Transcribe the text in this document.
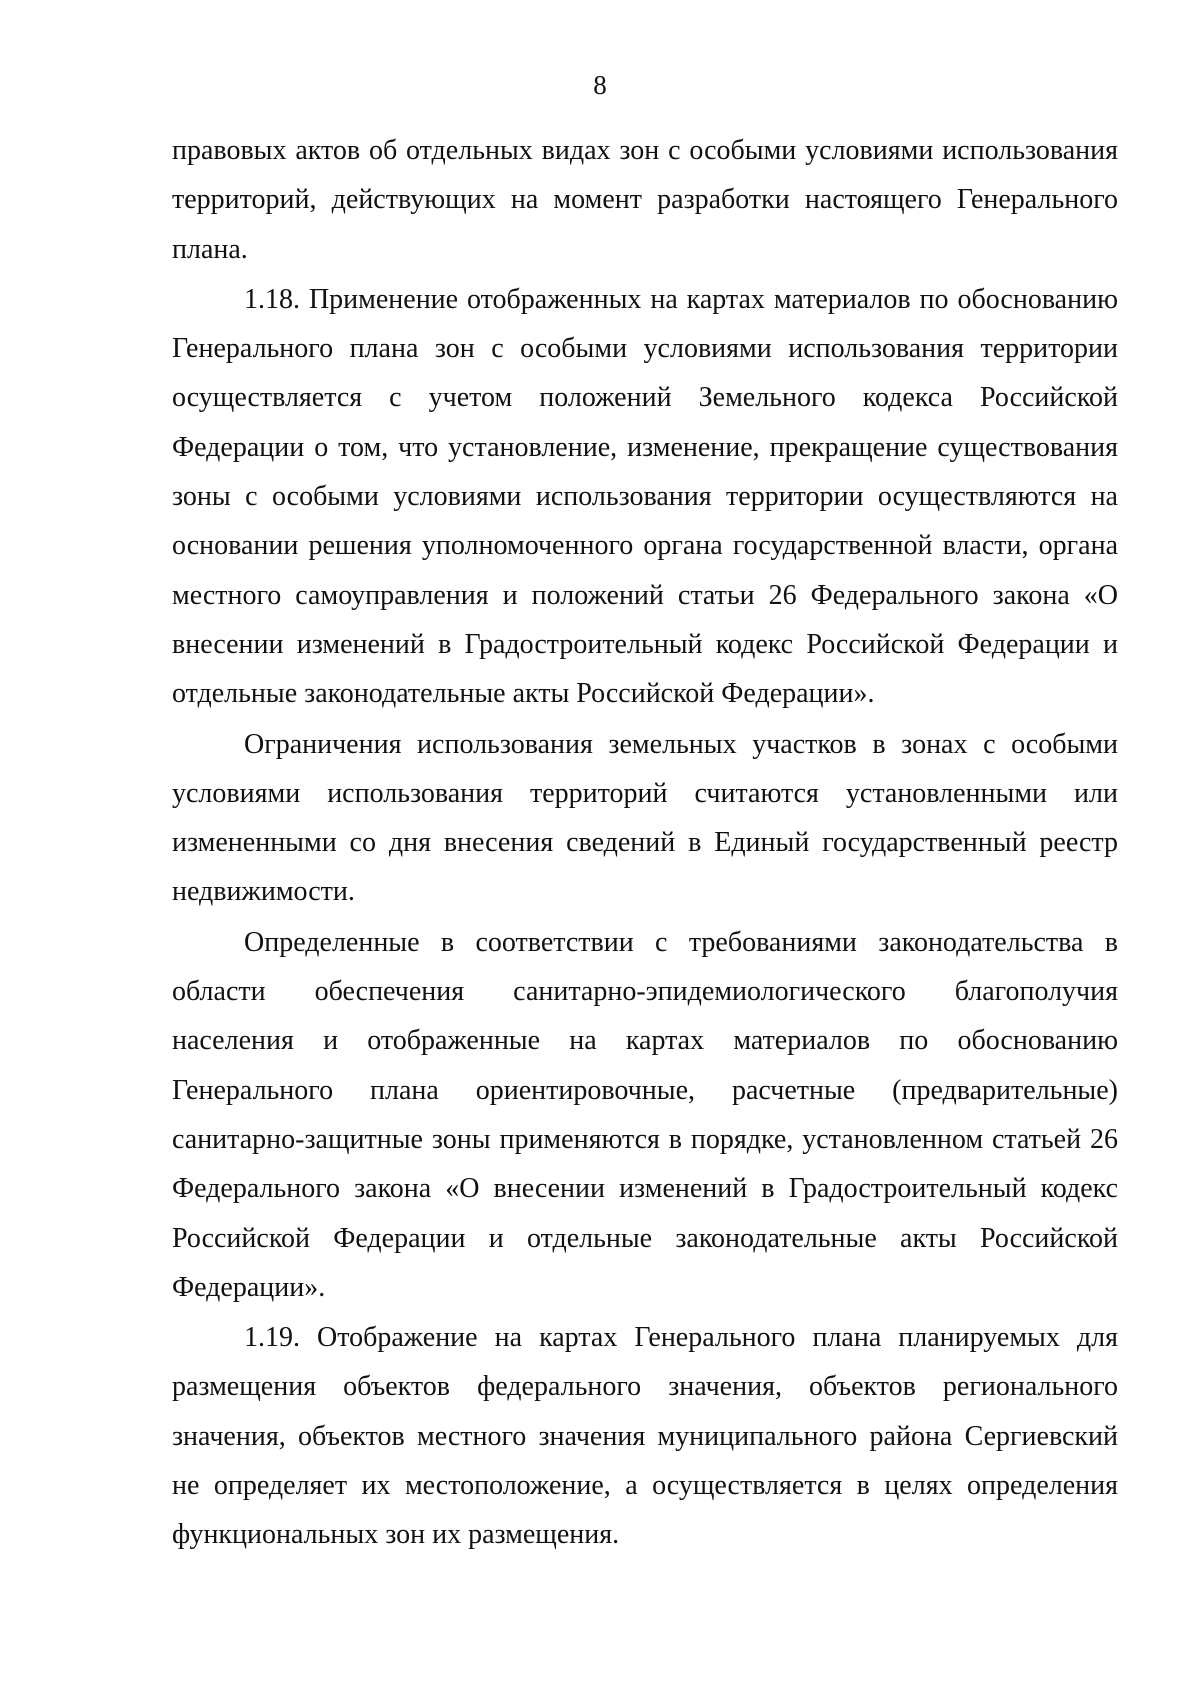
8

правовых актов об отдельных видах зон с особыми условиями использования территорий, действующих на момент разработки настоящего Генерального плана.

1.18. Применение отображенных на картах материалов по обоснованию Генерального плана зон с особыми условиями использования территории осуществляется с учетом положений Земельного кодекса Российской Федерации о том, что установление, изменение, прекращение существования зоны с особыми условиями использования территории осуществляются на основании решения уполномоченного органа государственной власти, органа местного самоуправления и положений статьи 26 Федерального закона «О внесении изменений в Градостроительный кодекс Российской Федерации и отдельные законодательные акты Российской Федерации».

Ограничения использования земельных участков в зонах с особыми условиями использования территорий считаются установленными или измененными со дня внесения сведений в Единый государственный реестр недвижимости.

Определенные в соответствии с требованиями законодательства в области обеспечения санитарно-эпидемиологического благополучия населения и отображенные на картах материалов по обоснованию Генерального плана ориентировочные, расчетные (предварительные) санитарно-защитные зоны применяются в порядке, установленном статьей 26 Федерального закона «О внесении изменений в Градостроительный кодекс Российской Федерации и отдельные законодательные акты Российской Федерации».

1.19. Отображение на картах Генерального плана планируемых для размещения объектов федерального значения, объектов регионального значения, объектов местного значения муниципального района Сергиевский не определяет их местоположение, а осуществляется в целях определения функциональных зон их размещения.
